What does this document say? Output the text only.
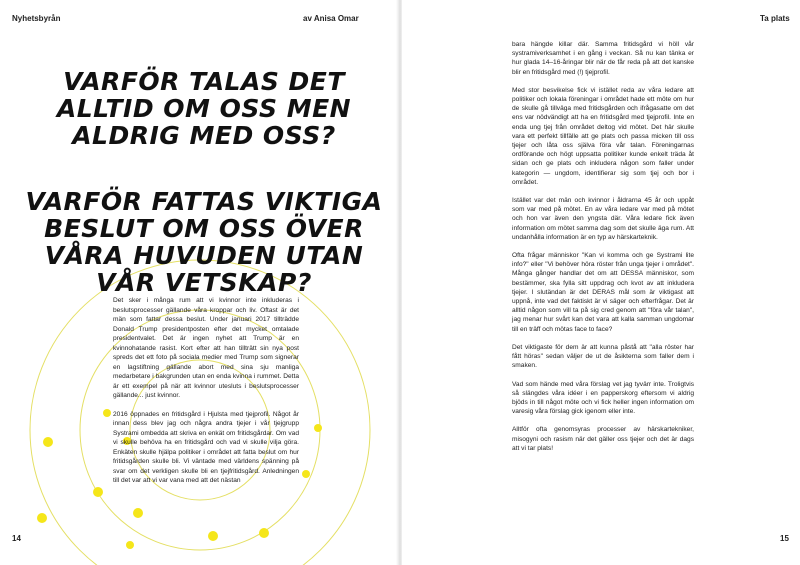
Nyhetsbyrån	av Anisa Omar
VARFÖR TALAS DET ALLTID OM OSS MEN ALDRIG MED OSS?
VARFÖR FATTAS VIKTIGA BESLUT OM OSS ÖVER VÅRA HUVUDEN UTAN VÅR VETSKAP?

Det sker i många rum att vi kvinnor inte inkluderas i beslutsprocesser gällande våra kroppar och liv. Oftast är det män som fattar dessa beslut. Under januari 2017 tillträdde Donald Trump presidentposten efter det mycket omtalade presidentvalet. Det är ingen nyhet att Trump är en kvinnohatande rasist. Kort efter att han tillträtt sin nya post spreds det ett foto på sociala medier med Trump som signerar en lagstiftning gällande abort med sina sju manliga medarbetare i bakgrunden utan en enda kvinna i rummet. Detta är ett exempel på när att kvinnor utesluts i beslutsprocesser gällande... just kvinnor.

2016 öppnades en fritidsgård i Hjulsta med tjejprofil. Något år innan dess blev jag och några andra tjejer i vår tjejgrupp Systrami ombedda att skriva en enkät om fritidsgårdar. Om vad vi skulle behöva ha en fritidsgård och vad vi skulle vilja göra. Enkäten skulle hjälpa politiker i området att fatta beslut om hur fritidsgården skulle bli. Vi väntade med världens spänning på svar om det verkligen skulle bli en tjejfritidsgård. Anledningen till det var att vi var vana med att det nästan

14
Ta plats

bara hängde killar där. Samma fritidsgård vi höll vår systramiverksamhet i en gång i veckan. Så nu kan tänka er hur glada 14–16-åringar blir när de får reda på att det kanske blir en fritidsgård med (!) tjejprofil.

Med stor besvikelse fick vi istället reda av våra ledare att politiker och lokala föreningar i området hade ett möte om hur de skulle gå tillväga med fritidsgården och ifrågasatte om det ens var nödvändigt att ha en fritidsgård med tjejprofil. Inte en enda ung tjej från området deltog vid mötet. Det här skulle vara ett perfekt tillfälle att ge plats och passa micken till oss tjejer och låta oss själva föra vår talan. Föreningarnas ordförande och högt uppsatta politiker kunde enkelt träda åt sidan och ge plats och inkludera någon som faller under kategorin — ungdom, identifierar sig som tjej och bor i området.

Istället var det män och kvinnor i åldrarna 45 år och uppåt som var med på mötet. En av våra ledare var med på mötet och hon var även den yngsta där. Våra ledare fick även information om mötet samma dag som det skulle äga rum. Att undanhålla information är en typ av härskarteknik.

Ofta frågar människor "Kan vi komma och ge Systrami lite info?" eller "Vi behöver höra röster från unga tjejer i området". Många gånger handlar det om att DESSA människor, som bestämmer, ska fylla sitt uppdrag och kvot av att inkludera tjejer. I slutändan är det DERAS mål som är viktigast att uppnå, inte vad det faktiskt är vi säger och efterfrågar. Det är alltid någon som vill ta på sig cred genom att "föra vår talan", jag menar hur svårt kan det vara att kalla samman ungdomar till en träff och mötas face to face?

Det viktigaste för dem är att kunna påstå att "alla röster har fått höras" sedan väljer de ut de åsikterna som faller dem i smaken.

Vad som hände med våra förslag vet jag tyvärr inte. Troligtvis så slängdes våra idéer i en papperskorg eftersom vi aldrig bjöds in till något möte och vi fick heller ingen information om varesig våra förslag gick igenom eller inte.

Alltför ofta genomsyras processer av härskartekniker, misogyni och rasism när det gäller oss tjejer och det är dags att vi tar plats!

15
